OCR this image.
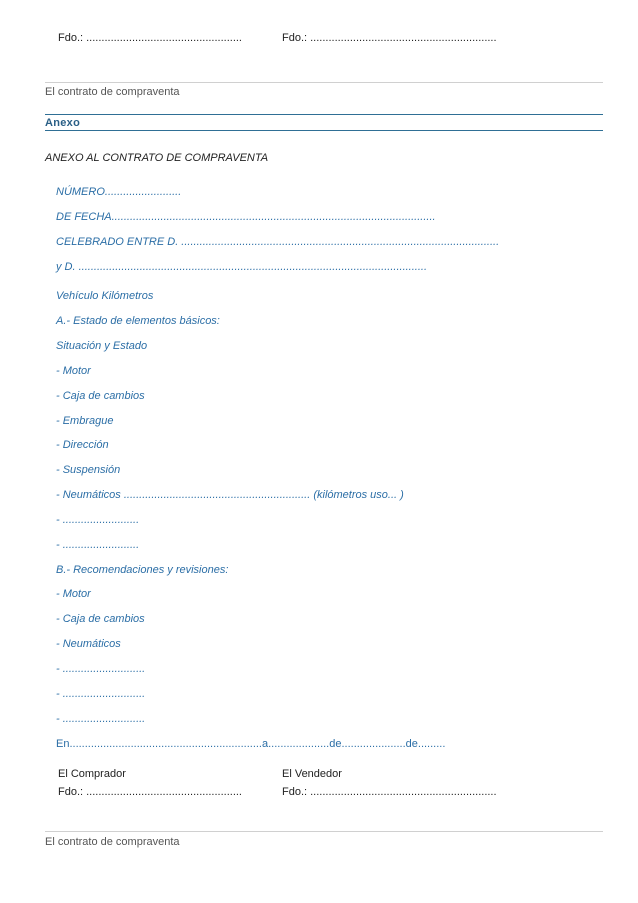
Fdo.: ...................................................	Fdo.: .............................................................
El contrato de compraventa
Anexo
ANEXO AL CONTRATO DE COMPRAVENTA
NÚMERO.........................
DE FECHA..........................................................................................................
CELEBRADO ENTRE D. ........................................................................................................
y D. ..................................................................................................................
Vehículo Kilómetros
A.- Estado de elementos básicos:
Situación y Estado
- Motor
- Caja de cambios
- Embrague
- Dirección
- Suspensión
- Neumáticos ............................................................. (kilómetros uso... )
- .........................
- .........................
B.- Recomendaciones y revisiones:
- Motor
- Caja de cambios
- Neumáticos
- ...........................
- ...........................
- ...........................
En...............................................................a....................de.....................de.........
El Comprador	El Vendedor
Fdo.: ...................................................	Fdo.: .............................................................
El contrato de compraventa
